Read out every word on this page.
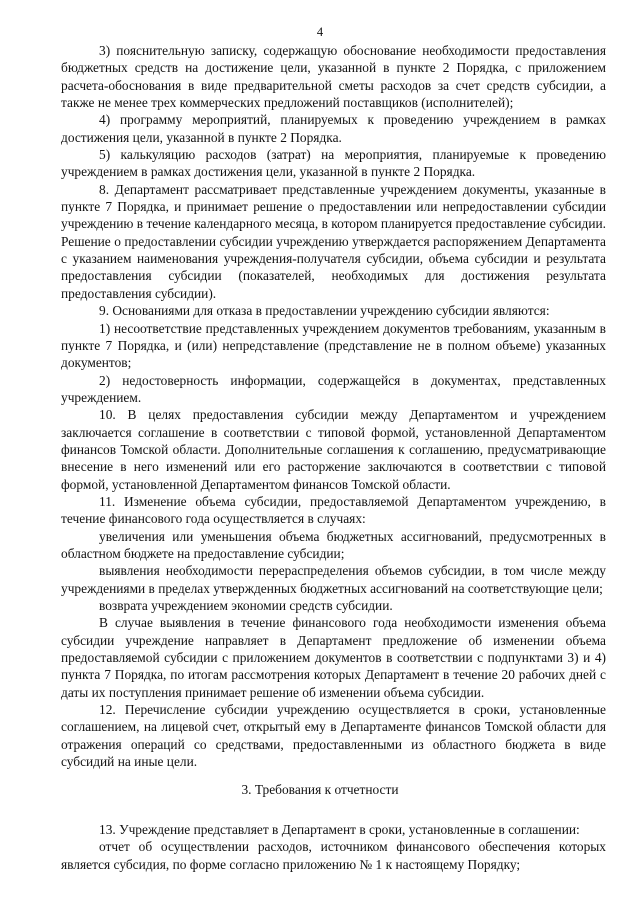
4

3) пояснительную записку, содержащую обоснование необходимости предоставления бюджетных средств на достижение цели, указанной в пункте 2 Порядка, с приложением расчета-обоснования в виде предварительной сметы расходов за счет средств субсидии, а также не менее трех коммерческих предложений поставщиков (исполнителей);

4) программу мероприятий, планируемых к проведению учреждением в рамках достижения цели, указанной в пункте 2 Порядка.

5) калькуляцию расходов (затрат) на мероприятия, планируемые к проведению учреждением в рамках достижения цели, указанной в пункте 2 Порядка.

8. Департамент рассматривает представленные учреждением документы, указанные в пункте 7 Порядка, и принимает решение о предоставлении или непредоставлении субсидии учреждению в течение календарного месяца, в котором планируется предоставление субсидии. Решение о предоставлении субсидии учреждению утверждается распоряжением Департамента с указанием наименования учреждения-получателя субсидии, объема субсидии и результата предоставления субсидии (показателей, необходимых для достижения результата предоставления субсидии).

9. Основаниями для отказа в предоставлении учреждению субсидии являются:

1) несоответствие представленных учреждением документов требованиям, указанным в пункте 7 Порядка, и (или) непредставление (представление не в полном объеме) указанных документов;

2) недостоверность информации, содержащейся в документах, представленных учреждением.

10. В целях предоставления субсидии между Департаментом и учреждением заключается соглашение в соответствии с типовой формой, установленной Департаментом финансов Томской области. Дополнительные соглашения к соглашению, предусматривающие внесение в него изменений или его расторжение заключаются в соответствии с типовой формой, установленной Департаментом финансов Томской области.

11. Изменение объема субсидии, предоставляемой Департаментом учреждению, в течение финансового года осуществляется в случаях:

увеличения или уменьшения объема бюджетных ассигнований, предусмотренных в областном бюджете на предоставление субсидии;

выявления необходимости перераспределения объемов субсидии, в том числе между учреждениями в пределах утвержденных бюджетных ассигнований на соответствующие цели;

возврата учреждением экономии средств субсидии.

В случае выявления в течение финансового года необходимости изменения объема субсидии учреждение направляет в Департамент предложение об изменении объема предоставляемой субсидии с приложением документов в соответствии с подпунктами 3) и 4) пункта 7 Порядка, по итогам рассмотрения которых Департамент в течение 20 рабочих дней с даты их поступления принимает решение об изменении объема субсидии.

12. Перечисление субсидии учреждению осуществляется в сроки, установленные соглашением, на лицевой счет, открытый ему в Департаменте финансов Томской области для отражения операций со средствами, предоставленными из областного бюджета в виде субсидий на иные цели.

3. Требования к отчетности

13. Учреждение представляет в Департамент в сроки, установленные в соглашении:

отчет об осуществлении расходов, источником финансового обеспечения которых является субсидия, по форме согласно приложению № 1 к настоящему Порядку;
